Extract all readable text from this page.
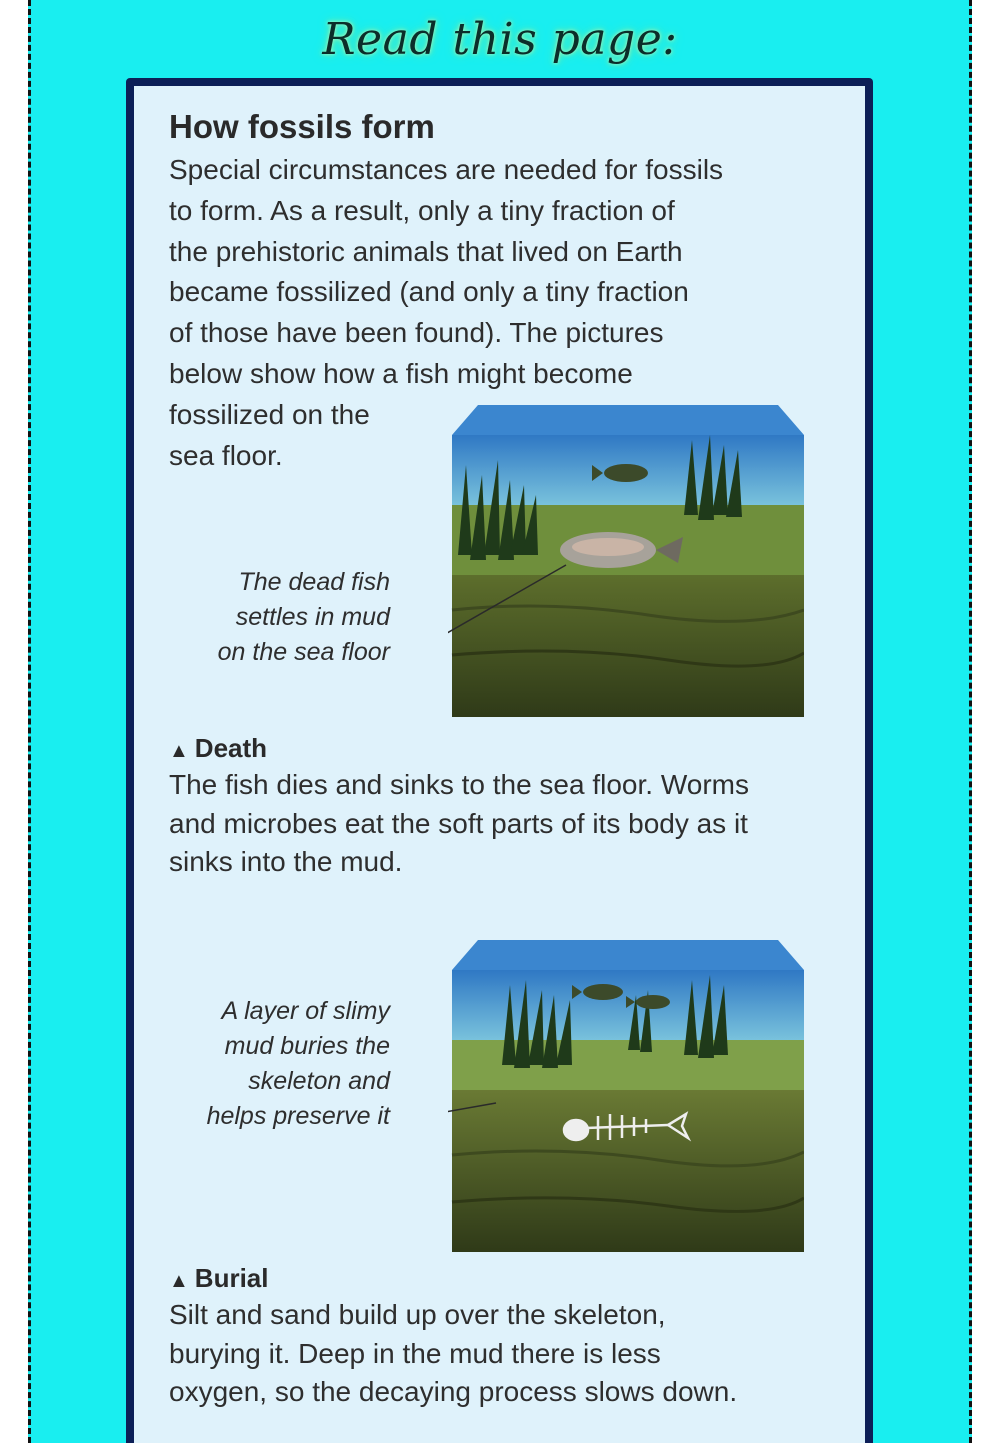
Read this page:
How fossils form
Special circumstances are needed for fossils
to form. As a result, only a tiny fraction of
the prehistoric animals that lived on Earth
became fossilized (and only a tiny fraction
of those have been found). The pictures
below show how a fish might become
fossilized on the
sea floor.
The dead fish
settles in mud
on the sea floor
▲ Death
The fish dies and sinks to the sea floor. Worms
and microbes eat the soft parts of its body as it
sinks into the mud.
A layer of slimy
mud buries the
skeleton and
helps preserve it
▲ Burial
Silt and sand build up over the skeleton,
burying it. Deep in the mud there is less
oxygen, so the decaying process slows down.
